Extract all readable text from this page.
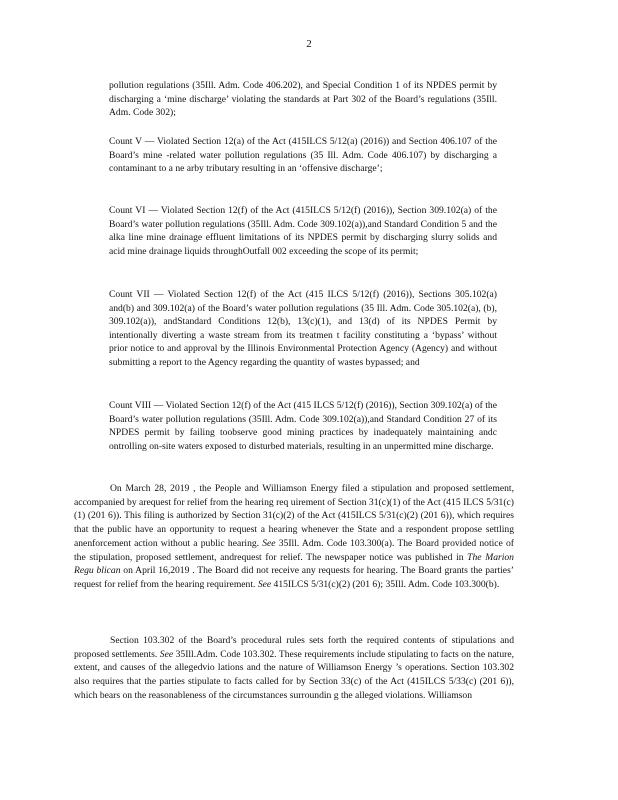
2

pollution regulations (35Ill. Adm. Code 406.202), and Special Condition 1 of its NPDES permit by discharging a ‘mine discharge’ violating the standards at Part 302 of the Board’s regulations (35Ill. Adm. Code 302);

Count V — Violated Section 12(a) of the Act (415ILCS 5/12(a) (2016)) and Section 406.107 of the Board’s mine -related water pollution regulations (35 Ill. Adm. Code 406.107) by discharging a contaminant to a ne arby tributary resulting in an ‘offensive discharge’;

Count VI — Violated Section 12(f) of the Act (415ILCS 5/12(f) (2016)), Section 309.102(a) of the Board’s water pollution regulations (35Ill. Adm. Code 309.102(a)),and Standard Condition 5 and the alka line mine drainage effluent limitations of its NPDES permit by discharging slurry solids and acid mine drainage liquids throughOutfall 002 exceeding the scope of its permit;

Count VII — Violated Section 12(f) of the Act (415 ILCS 5/12(f) (2016)), Sections 305.102(a) and(b) and 309.102(a) of the Board’s water pollution regulations (35 Ill. Adm. Code 305.102(a), (b), 309.102(a)), andStandard Conditions 12(b), 13(c)(1), and 13(d) of its NPDES Permit by intentionally diverting a waste stream from its treatmen t facility constituting a ‘bypass’ without prior notice to and approval by the Illinois Environmental Protection Agency (Agency) and without submitting a report to the Agency regarding the quantity of wastes bypassed; and

Count VIII — Violated Section 12(f) of the Act (415 ILCS 5/12(f) (2016)), Section 309.102(a) of the Board’s water pollution regulations (35Ill. Adm. Code 309.102(a)),and Standard Condition 27 of its NPDES permit by failing toobserve good mining practices by inadequately maintaining andc ontrolling on-site waters exposed to disturbed materials, resulting in an unpermitted mine discharge.

On March 28, 2019 , the People and Williamson Energy filed a stipulation and proposed settlement, accompanied by arequest for relief from the hearing req uirement of Section 31(c)(1) of the Act (415 ILCS 5/31(c)(1) (201 6)). This filing is authorized by Section 31(c)(2) of the Act (415ILCS 5/31(c)(2) (201 6)), which requires that the public have an opportunity to request a hearing whenever the State and a respondent propose settling anenforcement action without a public hearing. See 35Ill. Adm. Code 103.300(a). The Board provided notice of the stipulation, proposed settlement, andrequest for relief. The newspaper notice was published in The Marion Regu blican on April 16,2019 . The Board did not receive any requests for hearing. The Board grants the parties’ request for relief from the hearing requirement. See 415ILCS 5/31(c)(2) (201 6); 35Ill. Adm. Code 103.300(b).

Section 103.302 of the Board’s procedural rules sets forth the required contents of stipulations and proposed settlements. See 35Ill.Adm. Code 103.302. These requirements include stipulating to facts on the nature, extent, and causes of the allegedvio lations and the nature of Williamson Energy ’s operations. Section 103.302 also requires that the parties stipulate to facts called for by Section 33(c) of the Act (415ILCS 5/33(c) (201 6)), which bears on the reasonableness of the circumstances surroundin g the alleged violations. Williamson
